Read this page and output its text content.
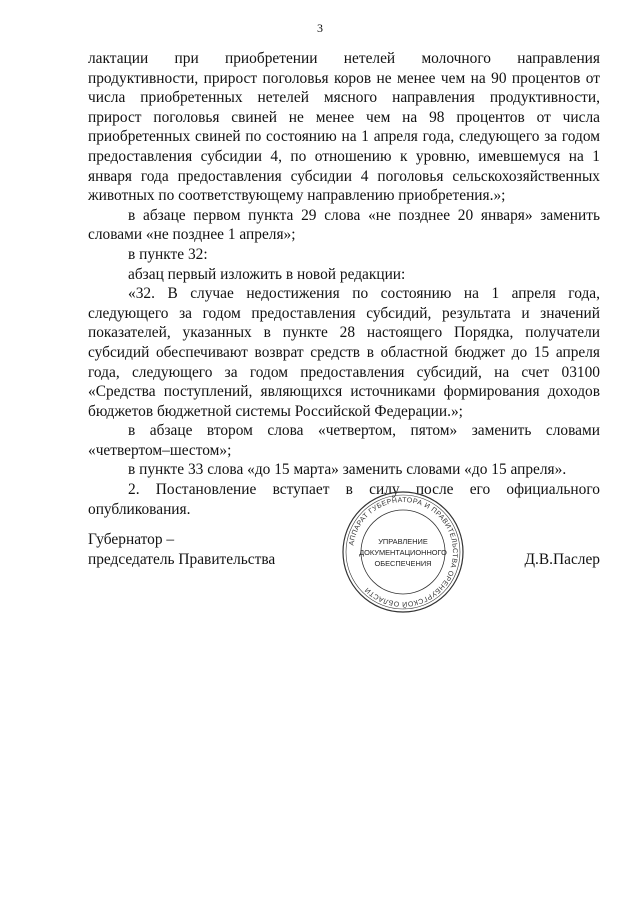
3

лактации при приобретении нетелей молочного направления продуктивности, прирост поголовья коров не менее чем на 90 процентов от числа приобретенных нетелей мясного направления продуктивности, прирост поголовья свиней не менее чем на 98 процентов от числа приобретенных свиней по состоянию на 1 апреля года, следующего за годом предоставления субсидии 4, по отношению к уровню, имевшемуся на 1 января года предоставления субсидии 4 поголовья сельскохозяйственных животных по соответствующему направлению приобретения.»;

в абзаце первом пункта 29 слова «не позднее 20 января» заменить словами «не позднее 1 апреля»;

в пункте 32:

абзац первый изложить в новой редакции:

«32. В случае недостижения по состоянию на 1 апреля года, следующего за годом предоставления субсидий, результата и значений показателей, указанных в пункте 28 настоящего Порядка, получатели субсидий обеспечивают возврат средств в областной бюджет до 15 апреля года, следующего за годом предоставления субсидий, на счет 03100 «Средства поступлений, являющихся источниками формирования доходов бюджетов бюджетной системы Российской Федерации.»;

в абзаце втором слова «четвертом, пятом» заменить словами «четвертом–шестом»;

в пункте 33 слова «до 15 марта» заменить словами «до 15 апреля».

2. Постановление вступает в силу после его официального опубликования.

Губернатор –
председатель Правительства	Д.В.Паслер
АППАРАТ ГУБЕРНАТОРА И ПРАВИТЕЛЬСТВА ОРЕНБУРГСКОЙ ОБЛАСТИ
УПРАВЛЕНИЕ
ДОКУМЕНТАЦИОННОГО
ОБЕСПЕЧЕНИЯ
